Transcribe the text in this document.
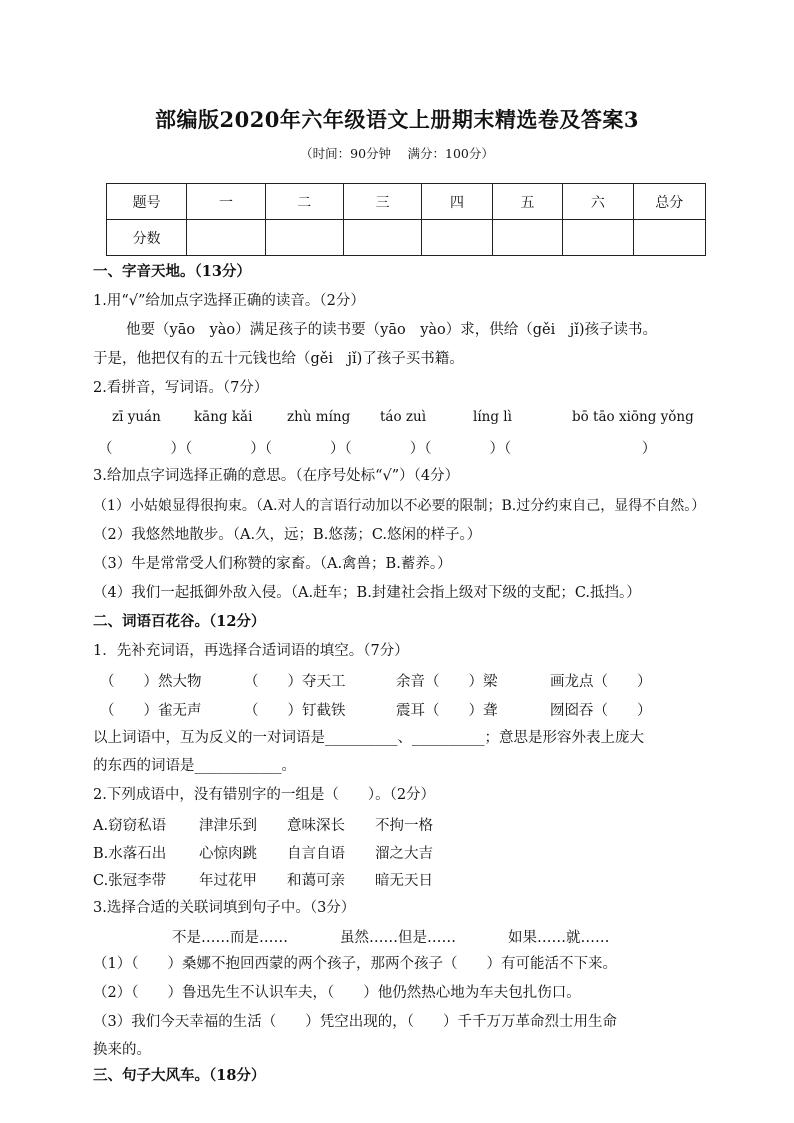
部编版2020年六年级语文上册期末精选卷及答案3
（时间：90分钟　 满分：100分）
题号	一	二	三	四	五	六	总分
分数							
一、字音天地。（13分）
1.用“√”给加点字选择正确的读音。（2分）
他要（yāo　yào）满足孩子的读书要（yāo　yào）求，供给（gěi　jǐ)孩子读书。
于是，他把仅有的五十元钱也给（gěi　jǐ)了孩子买书籍。
2.看拼音，写词语。（7分）
zī yuán kāng kǎi	zhù míng táo zuì	líng lì	bō tāo xiōng yǒng
（　　　　）（　　　　）（　　　　）（　　　　）（　　　　）（　　　　　　　　　）
3.给加点字词选择正确的意思。（在序号处标“√”）（4分）
（1）小姑娘显得很拘束。（A.对人的言语行动加以不必要的限制；B.过分约束自己，显得不自然。）
（2）我悠然地散步。（A.久，远；B.悠荡；C.悠闲的样子。）
（3）牛是常常受人们称赞的家畜。（A.禽兽；B.蓄养。）
（4）我们一起抵御外敌入侵。（A.赶车；B.封建社会指上级对下级的支配；C.抵挡。）
二、词语百花谷。（12分）
1．先补充词语，再选择合适词语的填空。（7分）
（　　）然大物	（　　）夺天工	余音（　　）梁	画龙点（　　）
（　　）雀无声	（　　）钉截铁	震耳（　　）聋	囫囵吞（　　）
以上词语中，互为反义的一对词语是__________、__________；意思是形容外表上庞大
的东西的词语是____________。
2.下列成语中，没有错别字的一组是（　　）。（2分）
A.窃窃私语 津津乐到 意味深长 不拘一格
B.水落石出 心惊肉跳 自言自语 溜之大吉
C.张冠李带 年过花甲 和蔼可亲 暗无天日
3.选择合适的关联词填到句子中。（3分）
不是……而是……	虽然……但是……	如果……就……
（1）（　　）桑娜不抱回西蒙的两个孩子，那两个孩子（　　）有可能活不下来。
（2）（　　）鲁迅先生不认识车夫，（　　）他仍然热心地为车夫包扎伤口。
（3）我们今天幸福的生活（　　）凭空出现的，（　　）千千万万革命烈士用生命
换来的。
三、句子大风车。（18分）
